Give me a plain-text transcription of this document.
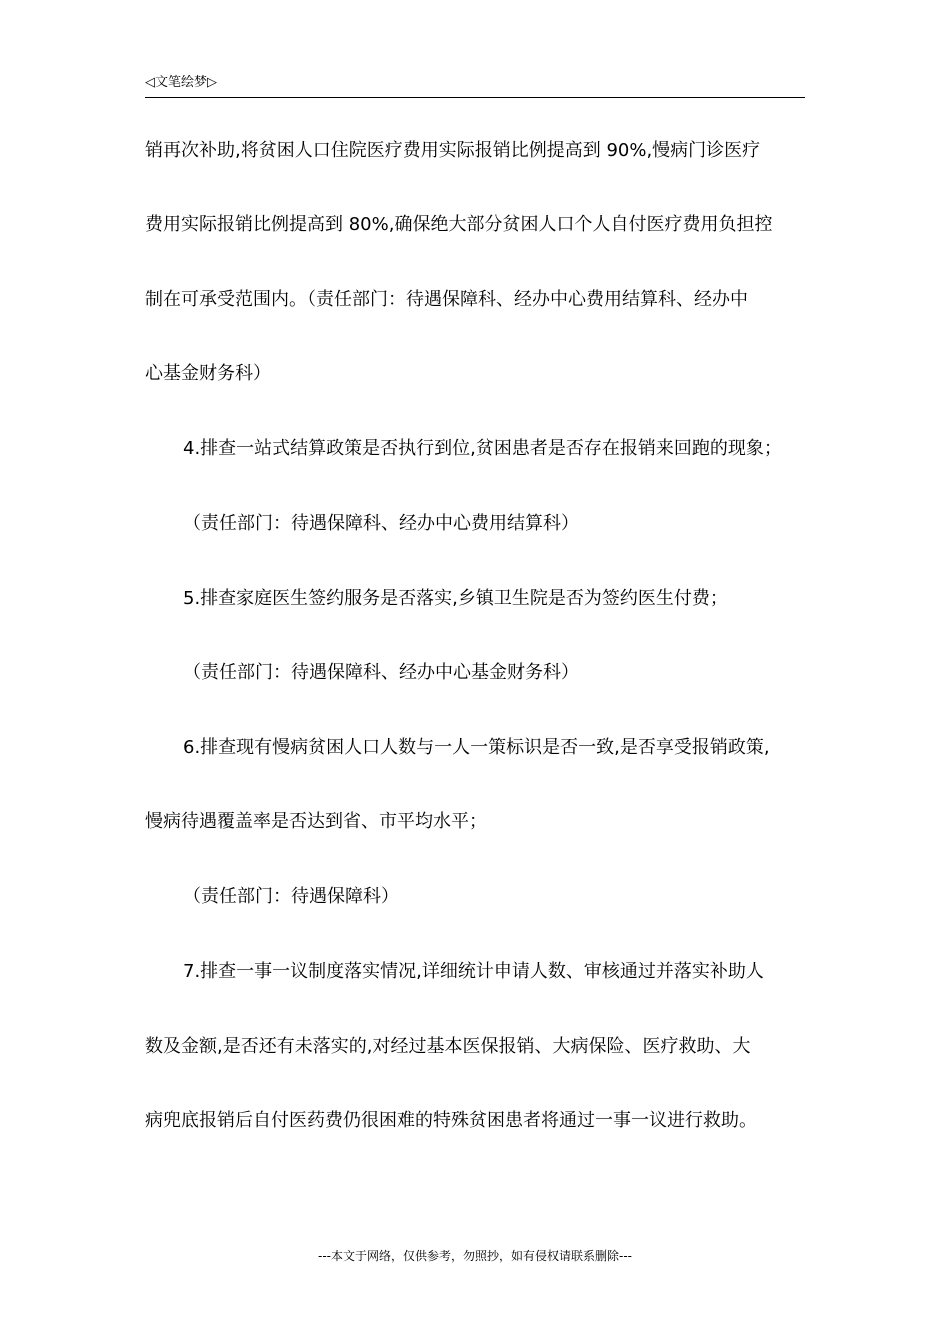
◁文笔绘梦▷
销再次补助,将贫困人口住院医疗费用实际报销比例提高到 90%,慢病门诊医疗
费用实际报销比例提高到 80%,确保绝大部分贫困人口个人自付医疗费用负担控
制在可承受范围内。（责任部门：待遇保障科、经办中心费用结算科、经办中
心基金财务科）
4.排查一站式结算政策是否执行到位,贫困患者是否存在报销来回跑的现象；
（责任部门：待遇保障科、经办中心费用结算科）
5.排查家庭医生签约服务是否落实,乡镇卫生院是否为签约医生付费；
（责任部门：待遇保障科、经办中心基金财务科）
6.排查现有慢病贫困人口人数与一人一策标识是否一致,是否享受报销政策,
慢病待遇覆盖率是否达到省、市平均水平；
（责任部门：待遇保障科）
7.排查一事一议制度落实情况,详细统计申请人数、审核通过并落实补助人
数及金额,是否还有未落实的,对经过基本医保报销、大病保险、医疗救助、大
病兜底报销后自付医药费仍很困难的特殊贫困患者将通过一事一议进行救助。
---本文于网络，仅供参考，勿照抄，如有侵权请联系删除---
